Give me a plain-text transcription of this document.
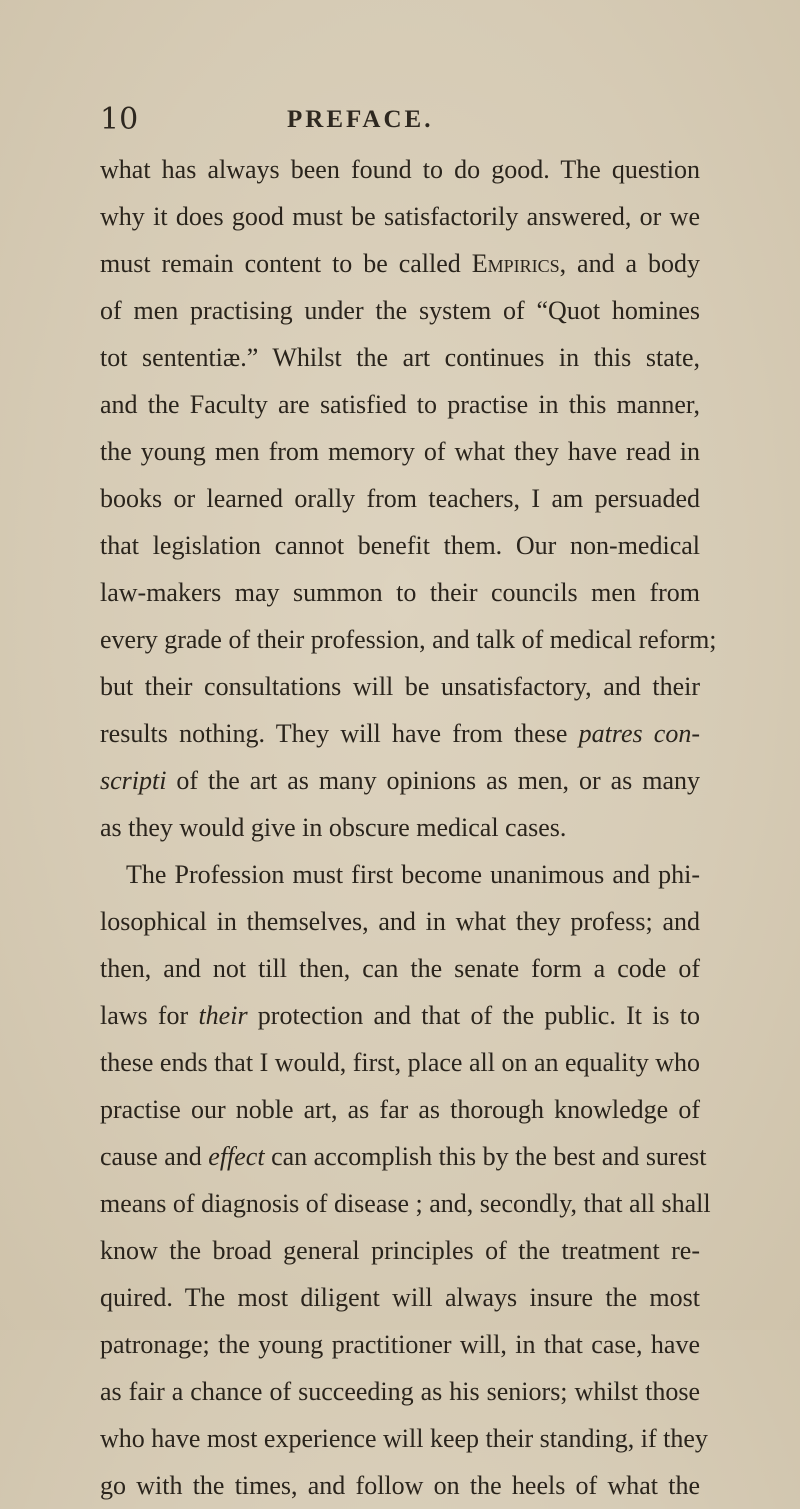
10	PREFACE.
what has always been found to do good. The question
why it does good must be satisfactorily answered, or we
must remain content to be called Empirics, and a body
of men practising under the system of “Quot homines
tot sententiæ.” Whilst the art continues in this state,
and the Faculty are satisfied to practise in this manner,
the young men from memory of what they have read in
books or learned orally from teachers, I am persuaded
that legislation cannot benefit them. Our non-medical
law-makers may summon to their councils men from
every grade of their profession, and talk of medical reform;
but their consultations will be unsatisfactory, and their
results nothing. They will have from these patres con-
scripti of the art as many opinions as men, or as many
as they would give in obscure medical cases.
The Profession must first become unanimous and phi-
losophical in themselves, and in what they profess; and
then, and not till then, can the senate form a code of
laws for their protection and that of the public. It is to
these ends that I would, first, place all on an equality who
practise our noble art, as far as thorough knowledge of
cause and effect can accomplish this by the best and surest
means of diagnosis of disease ; and, secondly, that all shall
know the broad general principles of the treatment re-
quired. The most diligent will always insure the most
patronage; the young practitioner will, in that case, have
as fair a chance of succeeding as his seniors; whilst those
who have most experience will keep their standing, if they
go with the times, and follow on the heels of what the
